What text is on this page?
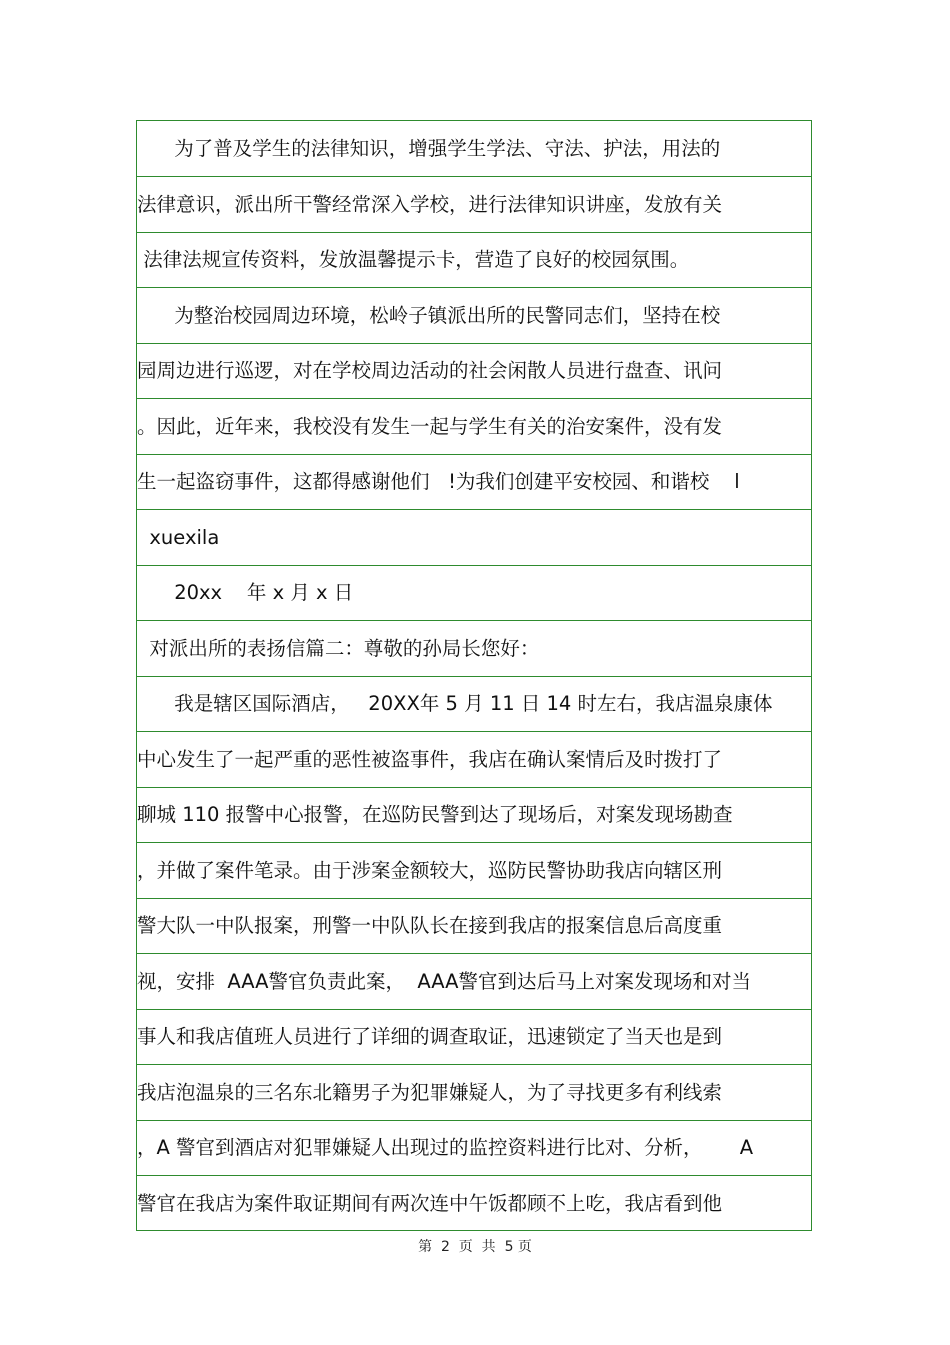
为了普及学生的法律知识，增强学生学法、守法、护法，用法的
法律意识，派出所干警经常深入学校，进行法律知识讲座，发放有关
法律法规宣传资料，发放温馨提示卡，营造了良好的校园氛围。
为整治校园周边环境，松岭子镇派出所的民警同志们，坚持在校
园周边进行巡逻，对在学校周边活动的社会闲散人员进行盘查、讯问
。因此，近年来，我校没有发生一起与学生有关的治安案件，没有发
生一起盗窃事件，这都得感谢他们   !为我们创建平安校园、和谐校    l
xuexila
20xx    年 x 月 x 日
对派出所的表扬信篇二：尊敬的孙局长您好：
我是辖区国际酒店，   20XX年 5 月 11 日 14 时左右，我店温泉康体
中心发生了一起严重的恶性被盗事件，我店在确认案情后及时拨打了
聊城 110 报警中心报警，在巡防民警到达了现场后，对案发现场勘查
，并做了案件笔录。由于涉案金额较大，巡防民警协助我店向辖区刑
警大队一中队报案，刑警一中队队长在接到我店的报案信息后高度重
视，安排  AAA警官负责此案，  AAA警官到达后马上对案发现场和对当
事人和我店值班人员进行了详细的调查取证，迅速锁定了当天也是到
我店泡温泉的三名东北籍男子为犯罪嫌疑人，为了寻找更多有利线索
，A 警官到酒店对犯罪嫌疑人出现过的监控资料进行比对、分析，      A
警官在我店为案件取证期间有两次连中午饭都顾不上吃，我店看到他
第  2  页  共  5 页
